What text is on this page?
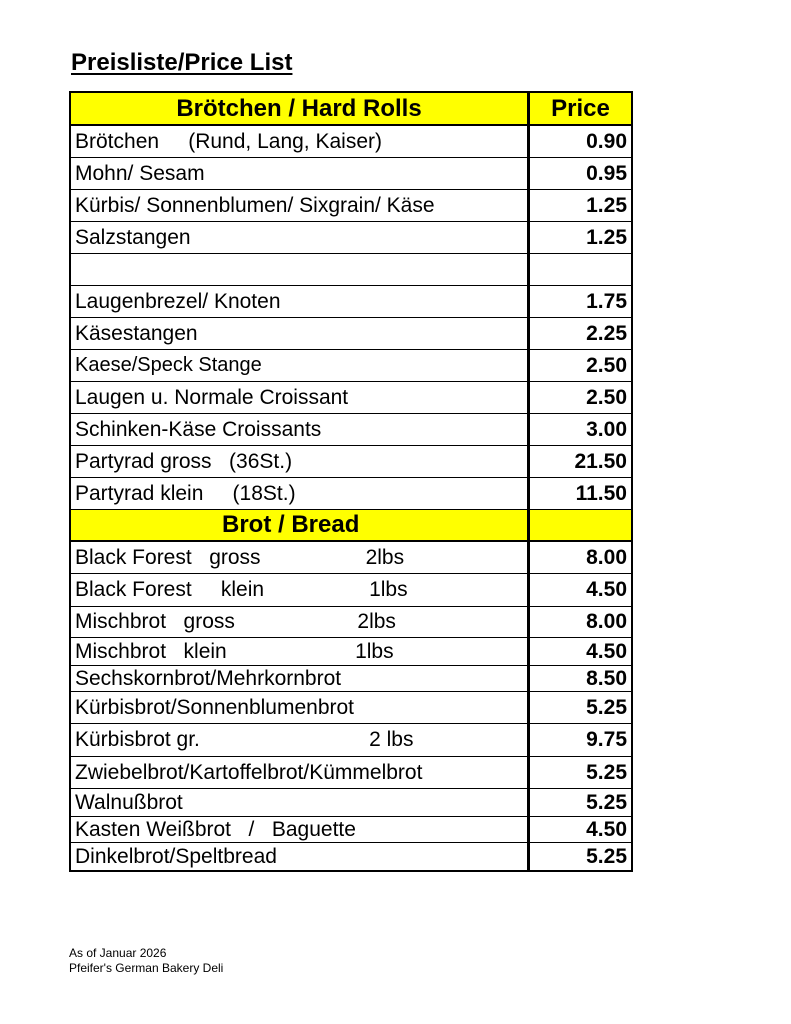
Preisliste/Price List
Brötchen / Hard Rolls	Price
Brötchen     (Rund, Lang, Kaiser)	0.90
Mohn/ Sesam	0.95
Kürbis/ Sonnenblumen/ Sixgrain/ Käse	1.25
Salzstangen	1.25
Laugenbrezel/ Knoten	1.75
Käsestangen	2.25
Kaese/Speck Stange	2.50
Laugen u. Normale Croissant	2.50
Schinken-Käse Croissants	3.00
Partyrad gross   (36St.)	21.50
Partyrad klein     (18St.)	11.50
Brot / Bread
Black Forest   gross                  2lbs	8.00
Black Forest     klein                  1lbs	4.50
Mischbrot   gross                     2lbs	8.00
Mischbrot   klein                      1lbs	4.50
Sechskornbrot/Mehrkornbrot	8.50
Kürbisbrot/Sonnenblumenbrot	5.25
Kürbisbrot gr.                             2 lbs	9.75
Zwiebelbrot/Kartoffelbrot/Kümmelbrot	5.25
Walnußbrot	5.25
Kasten Weißbrot   /   Baguette	4.50
Dinkelbrot/Speltbread	5.25
As of Januar 2026
Pfeifer's German Bakery Deli
